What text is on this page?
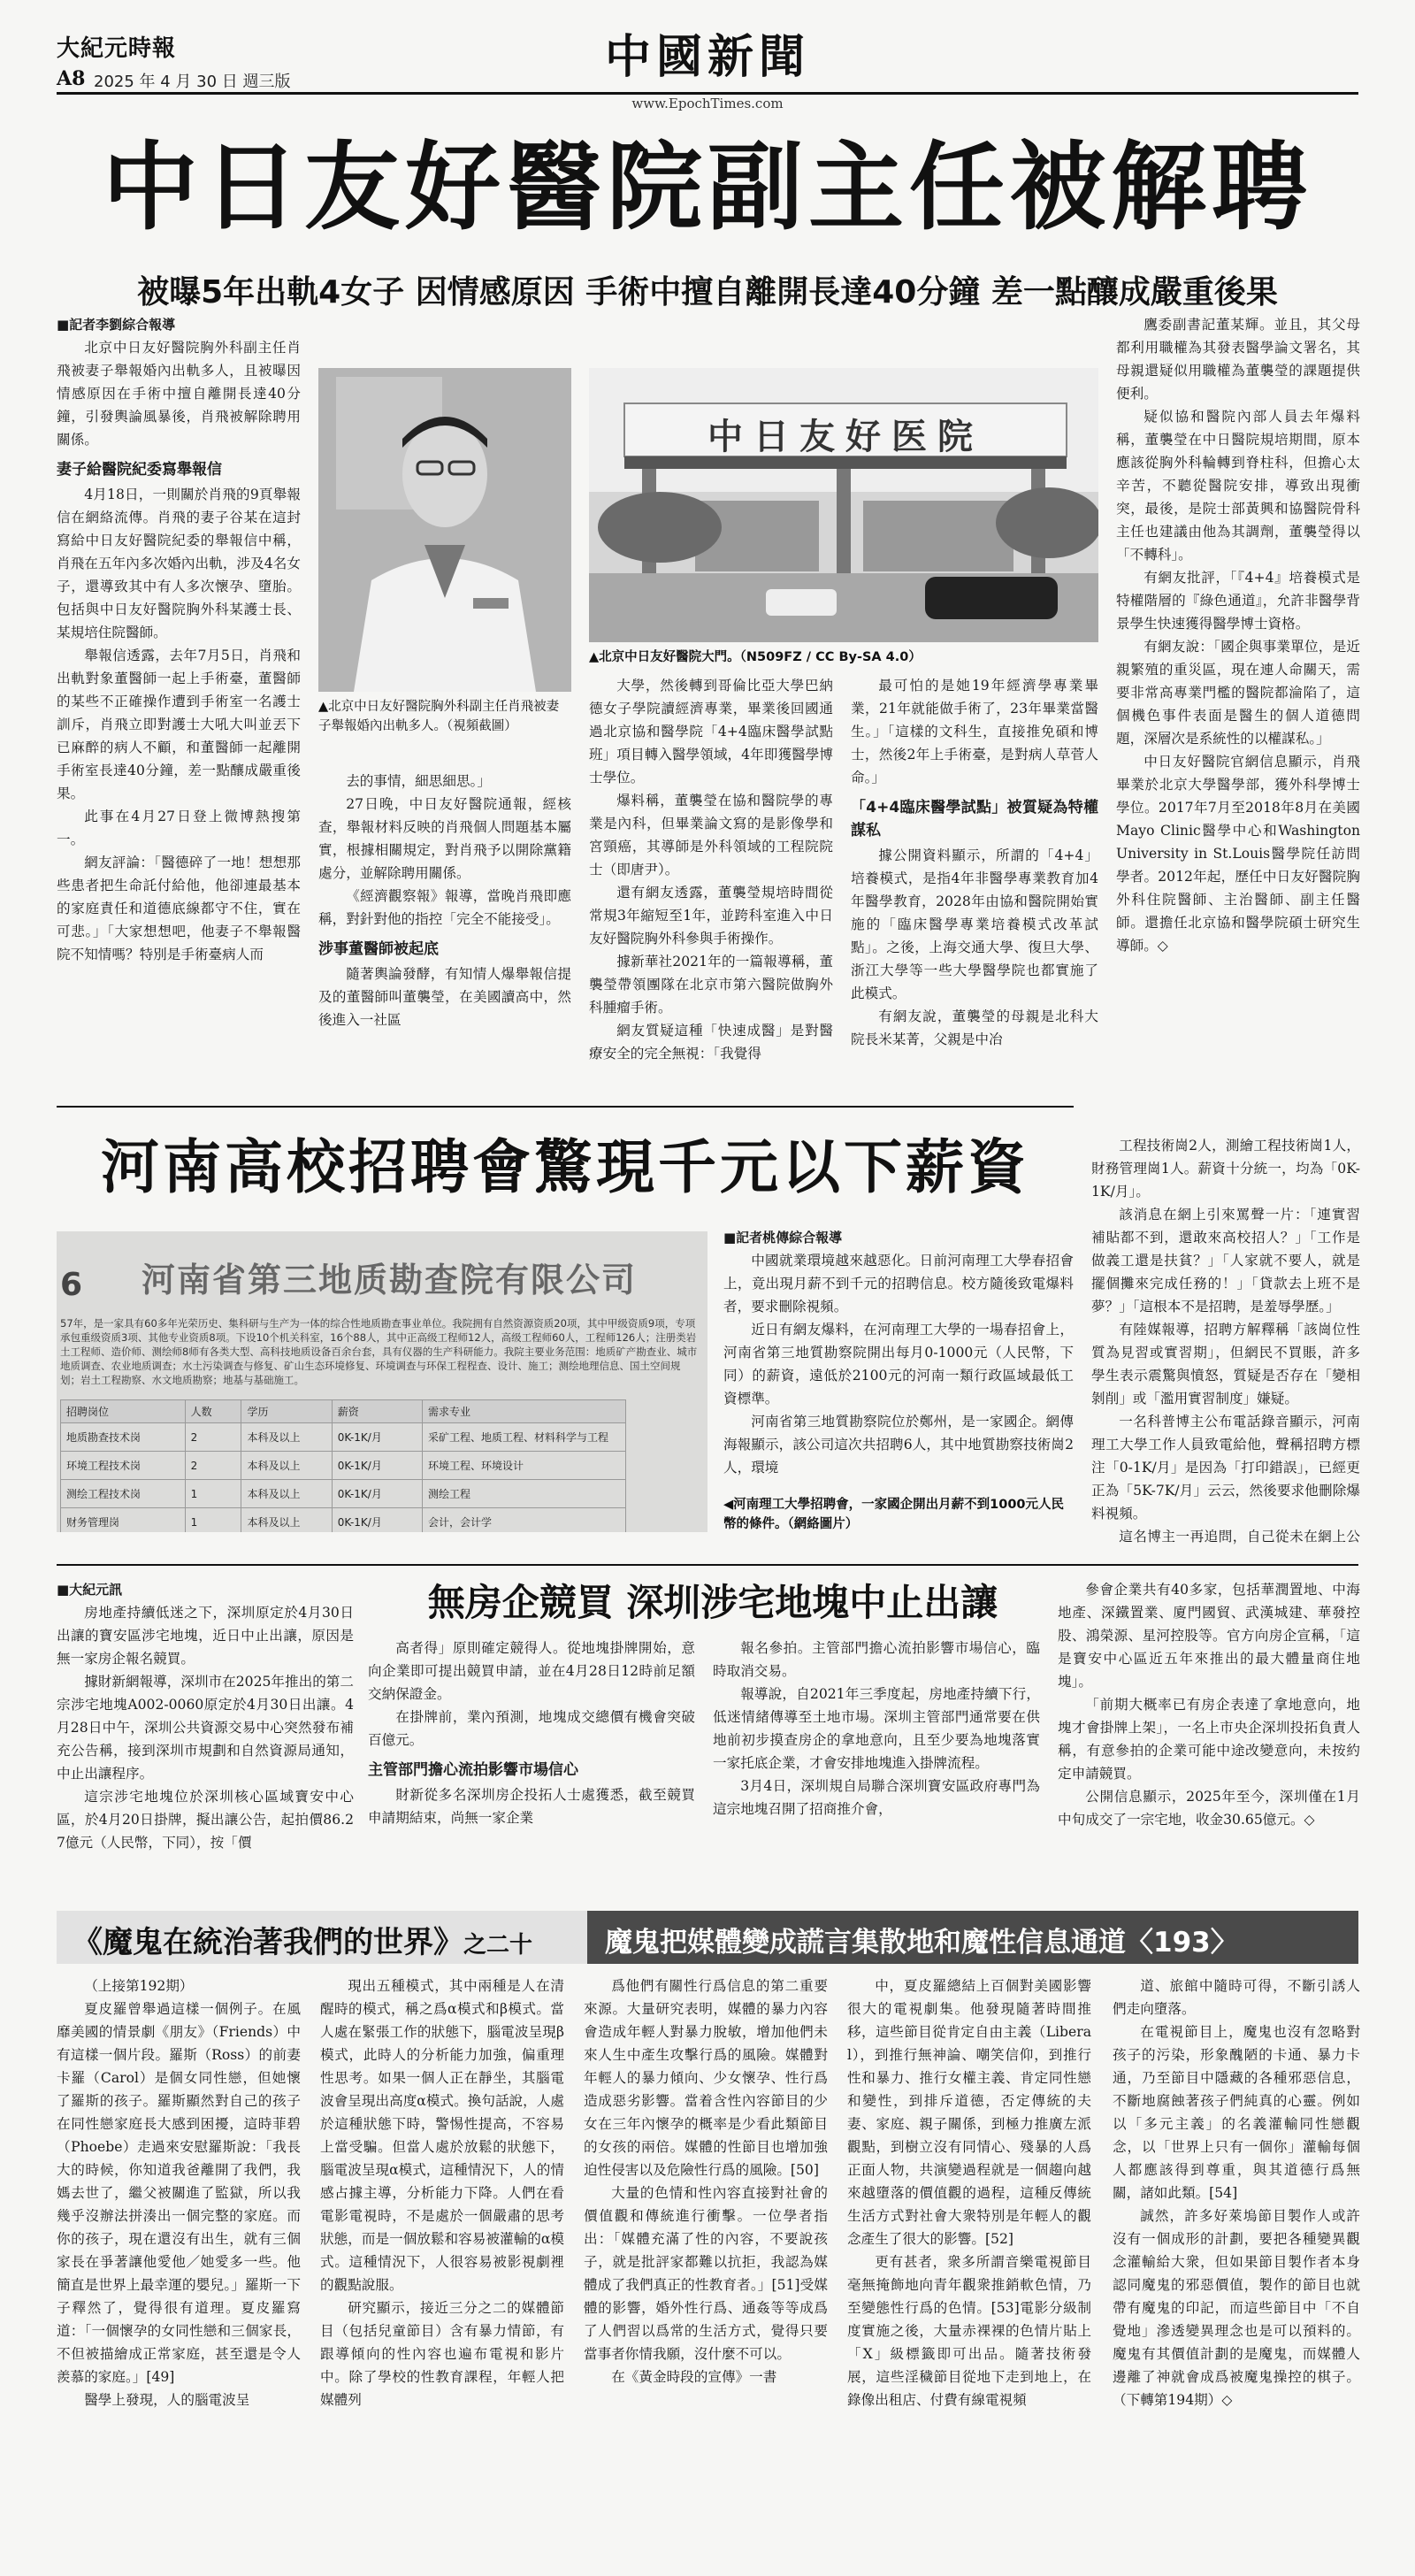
大紀元時報
A8 2025 年 4 月 30 日 週三版	中國新聞
www.EpochTimes.com
中日友好醫院副主任被解聘
被曝5年出軌4女子 因情感原因 手術中擅自離開長達40分鐘 差一點釀成嚴重後果
■記者李劉綜合報導

北京中日友好醫院胸外科副主任肖飛被妻子舉報婚內出軌多人，且被曝因情感原因在手術中擅自離開長達40分鐘，引發輿論風暴後，肖飛被解除聘用關係。

妻子給醫院紀委寫舉報信

4月18日，一則關於肖飛的9頁舉報信在網絡流傳。肖飛的妻子谷某在這封寫給中日友好醫院紀委的舉報信中稱，肖飛在五年內多次婚內出軌，涉及4名女子，還導致其中有人多次懷孕、墮胎。包括與中日友好醫院胸外科某護士長、某規培住院醫師。

舉報信透露，去年7月5日，肖飛和出軌對象董醫師一起上手術臺，董醫師的某些不正確操作遭到手術室一名護士訓斥，肖飛立即對護士大吼大叫並丟下已麻醉的病人不顧，和董醫師一起離開手術室長達40分鐘，差一點釀成嚴重後果。

此事在4月27日登上微博熱搜第一。

網友評論：「醫德碎了一地！想想那些患者把生命託付給他，他卻連最基本的家庭責任和道德底線都守不住，實在可悲。」「大家想想吧，他妻子不舉報醫院不知情嗎？特別是手術臺病人而

▲北京中日友好醫院胸外科副主任肖飛被妻子舉報婚內出軌多人。（視頻截圖）

去的事情，細思細思。」

27日晚，中日友好醫院通報，經核查，舉報材料反映的肖飛個人問題基本屬實，根據相關規定，對肖飛予以開除黨籍處分，並解除聘用關係。

《經濟觀察報》報導，當晚肖飛即應稱，對針對他的指控「完全不能接受」。

涉事董醫師被起底

隨著輿論發酵，有知情人爆舉報信提及的董醫師叫董襲瑩，在美國讀高中，然後進入一社區

中日友好医院
▲北京中日友好醫院大門。（N509FZ / CC By-SA 4.0）

大學，然後轉到哥倫比亞大學巴納德女子學院讀經濟專業，畢業後回國通過北京協和醫學院「4+4臨床醫學試點班」項目轉入醫學領域，4年即獲醫學博士學位。

爆料稱，董襲瑩在協和醫院學的專業是內科，但畢業論文寫的是影像學和宮頸癌，其導師是外科領域的工程院院士（即唐尹）。

還有網友透露，董襲瑩規培時間從常規3年縮短至1年，並跨科室進入中日友好醫院胸外科參與手術操作。

據新華社2021年的一篇報導稱，董襲瑩帶領團隊在北京市第六醫院做胸外科腫瘤手術。

網友質疑這種「快速成醫」是對醫療安全的完全無視：「我覺得

最可怕的是她19年經濟學專業畢業，21年就能做手術了，23年畢業當醫生。」「這樣的文科生，直接推免碩和博士，然後2年上手術臺，是對病人草菅人命。」

「4+4臨床醫學試點」被質疑為特權謀私

據公開資料顯示，所謂的「4+4」培養模式，是指4年非醫學專業教育加4年醫學教育，2028年由協和醫院開始實施的「臨床醫學專業培養模式改革試點」。之後，上海交通大學、復旦大學、浙江大學等一些大學醫學院也都實施了此模式。

有網友說，董襲瑩的母親是北科大院長米某菁，父親是中冶

鷹委副書記董某輝。並且，其父母都利用職權為其發表醫學論文署名，其母親還疑似用職權為董襲瑩的課題提供便利。

疑似協和醫院內部人員去年爆料稱，董襲瑩在中日醫院規培期間，原本應該從胸外科輪轉到脊柱科，但擔心太辛苦，不聽從醫院安排，導致出現衝突，最後，是院士部黃興和協醫院骨科主任也建議由他為其調劑，董襲瑩得以「不轉科」。

有網友批評，「『4+4』培養模式是特權階層的『綠色通道』，允許非醫學背景學生快速獲得醫學博士資格。

有網友說：「國企與事業單位，是近親繁殖的重災區，現在連人命關天，需要非常高專業門檻的醫院都淪陷了，這個機色事件表面是醫生的個人道德問題，深層次是系統性的以權謀私。」

中日友好醫院官網信息顯示，肖飛畢業於北京大學醫學部，獲外科學博士學位。2017年7月至2018年8月在美國Mayo Clinic醫學中心和Washington University in St.Louis醫學院任訪問學者。2012年起，歷任中日友好醫院胸外科住院醫師、主治醫師、副主任醫師。還擔任北京協和醫學院碩士研究生導師。◇

河南高校招聘會驚現千元以下薪資
6 河南省第三地质勘查院有限公司
57年，是一家具有60多年光荣历史、集科研与生产为一体的综合性地质勘查事业单位。我院拥有自然资源资质20项，其中甲级资质9项，专项承包重级资质3项、其他专业资质8项。下设10个机关科室，16个88人，其中正高级工程师12人，高级工程师60人，工程师126人；注册类岩土工程师、造价师、测绘师8师有各类大型、高科技地质设备百余台套，具有仪器的生产科研能力。我院主要业务范围：地质矿产勘查业、城市地质调查、农业地质调查；水土污染调查与修复、矿山生态环境修复、环境调查与环保工程程查、设计、施工；测绘地理信息、国土空间规划；岩土工程勘察、水文地质勘察；地基与基础施工。
招聘岗位	人数	学历	薪资	需求专业
地质勘查技术岗	2	本科及以上	0K-1K/月	采矿工程、地质工程、材料科学与工程
环境工程技术岗	2	本科及以上	0K-1K/月	环境工程、环境设计
测绘工程技术岗	1	本科及以上	0K-1K/月	测绘工程
财务管理岗	1	本科及以上	0K-1K/月	会计，会计学
■記者桃傳綜合報導

中國就業環境越來越惡化。日前河南理工大學春招會上，竟出現月薪不到千元的招聘信息。校方隨後致電爆料者，要求刪除視頻。

近日有網友爆料，在河南理工大學的一場春招會上，河南省第三地質勘察院開出每月0-1000元（人民幣，下同）的薪資，遠低於2100元的河南一類行政區域最低工資標準。

河南省第三地質勘察院位於鄭州，是一家國企。網傳海報顯示，該公司這次共招聘6人，其中地質勘察技術崗2人，環境

◀河南理工大學招聘會，一家國企開出月薪不到1000元人民幣的條件。（網絡圖片）

工程技術崗2人，測繪工程技術崗1人，財務管理崗1人。薪資十分統一，均為「0K-1K/月」。

該消息在網上引來罵聲一片：「連實習補貼都不到，還敢來高校招人？」「工作是做義工還是扶貧？」「人家就不要人，就是擺個攤來完成任務的！」「貸款去上班不是夢？」「這根本不是招聘，是羞辱學歷。」

有陸媒報導，招聘方解釋稱「該崗位性質為見習或實習期」，但網民不買賬，許多學生表示震驚與憤怒，質疑是否存在「變相剝削」或「濫用實習制度」嫌疑。

一名科普博主公布電話錄音顯示，河南理工大學工作人員致電給他，聲稱招聘方標注「0-1K/月」是因為「打印錯誤」，已經更正為「5K-7K/月」云云，然後要求他刪除爆料視頻。

這名博主一再追問，自己從未在網上公

無房企競買 深圳涉宅地塊中止出讓
■大紀元訊

房地產持續低迷之下，深圳原定於4月30日出讓的寶安區涉宅地塊，近日中止出讓，原因是無一家房企報名競買。

據財新網報導，深圳市在2025年推出的第二宗涉宅地塊A002-0060原定於4月30日出讓。4月28日中午，深圳公共資源交易中心突然發布補充公告稱，接到深圳市規劃和自然資源局通知，中止出讓程序。

這宗涉宅地塊位於深圳核心區域寶安中心區，於4月20日掛牌，擬出讓公告，起拍價86.27億元（人民幣，下同），按「價

高者得」原則確定競得人。從地塊掛牌開始，意向企業即可提出競買申請，並在4月28日12時前足額交納保證金。

在掛牌前，業內預測，地塊成交總價有機會突破百億元。

主管部門擔心流拍影響市場信心

財新從多名深圳房企投拓人士處獲悉，截至競買申請期結束，尚無一家企業

報名參拍。主管部門擔心流拍影響市場信心，臨時取消交易。

報導說，自2021年三季度起，房地產持續下行，低迷情緒傳導至土地市場。深圳主管部門通常要在供地前初步摸查房企的拿地意向，且至少要為地塊落實一家托底企業，才會安排地塊進入掛牌流程。

3月4日，深圳規自局聯合深圳寶安區政府專門為這宗地塊召開了招商推介會，

參會企業共有40多家，包括華潤置地、中海地產、深鐵置業、廈門國貿、武漢城建、華發控股、鴻榮源、星河控股等。官方向房企宣稱，「這是寶安中心區近五年來推出的最大體量商住地塊」。

「前期大概率已有房企表達了拿地意向，地塊才會掛牌上架」，一名上市央企深圳投拓負責人稱，有意參拍的企業可能中途改變意向，未按約定申請競買。

公開信息顯示，2025年至今，深圳僅在1月中旬成交了一宗宅地，收金30.65億元。◇

《魔鬼在統治著我們的世界》之二十	魔鬼把媒體變成謊言集散地和魔性信息通道〈193〉

（上接第192期）

夏皮羅曾舉過這樣一個例子。在風靡美國的情景劇《朋友》（Friends）中有這樣一個片段。羅斯（Ross）的前妻卡羅（Carol）是個女同性戀，但她懷了羅斯的孩子。羅斯顯然對自己的孩子在同性戀家庭長大感到困擾，這時菲碧（Phoebe）走過來安慰羅斯說：「我長大的時候，你知道我爸離開了我們，我媽去世了，繼父被關進了監獄，所以我幾乎沒辦法拼湊出一個完整的家庭。而你的孩子，現在還沒有出生，就有三個家長在爭著讓他愛他／她愛多一些。他簡直是世界上最幸運的嬰兒。」羅斯一下子釋然了，覺得很有道理。夏皮羅寫道：「一個懷孕的女同性戀和三個家長，不但被描繪成正常家庭，甚至還是令人羨慕的家庭。」[49]

醫學上發現，人的腦電波呈

現出五種模式，其中兩種是人在清醒時的模式，稱之爲α模式和β模式。當人處在緊張工作的狀態下，腦電波呈現β模式，此時人的分析能力加強，偏重理性思考。如果一個人正在靜坐，其腦電波會呈現出高度α模式。換句話說，人處於這種狀態下時，警惕性提高，不容易上當受騙。但當人處於放鬆的狀態下，腦電波呈現α模式，這種情況下，人的情感占據主導，分析能力下降。人們在看電影電視時，不是處於一個嚴肅的思考狀態，而是一個放鬆和容易被灌輸的α模式。這種情況下，人很容易被影視劇裡的觀點說服。

研究顯示，接近三分之二的媒體節目（包括兒童節目）含有暴力情節，有跟導傾向的性內容也遍布電視和影片中。除了學校的性教育課程，年輕人把媒體列

爲他們有關性行爲信息的第二重要來源。大量研究表明，媒體的暴力內容會造成年輕人對暴力脫敏，增加他們未來人生中產生攻擊行爲的風險。媒體對年輕人的暴力傾向、少女懷孕、性行爲造成惡劣影響。當着含性內容節目的少女在三年內懷孕的概率是少看此類節目的女孩的兩倍。媒體的性節目也增加強迫性侵害以及危險性行爲的風險。[50]

大量的色情和性內容直接對社會的價值觀和傳統進行衝擊。一位學者指出：「媒體充滿了性的內容，不要說孩子，就是批評家都難以抗拒，我認為媒體成了我們真正的性教育者。」[51]受媒體的影響，婚外性行爲、通姦等等成爲了人們習以爲常的生活方式，覺得只要當事者你情我願，沒什麼不可以。

在《黃金時段的宣傳》一書

中，夏皮羅總結上百個對美國影響很大的電視劇集。他發現隨著時間推移，這些節目從肯定自由主義（Liberal），到推行無神論、嘲笑信仰，到推行性和暴力、推行女權主義、肯定同性戀和變性，到排斥道德，否定傳統的夫妻、家庭、親子關係，到極力推廣左派觀點，到樹立沒有同情心、殘暴的人爲正面人物，共演變過程就是一個趨向越來越墮落的價值觀的過程，這種反傳統生活方式對社會大衆特別是年輕人的觀念產生了很大的影響。[52]

更有甚者，衆多所謂音樂電視節目毫無掩飾地向青年觀衆推銷軟色情，乃至變態性行爲的色情。[53]電影分級制度實施之後，大量赤裸裸的色情片貼上「X」級標籤即可出品。隨著技術發展，這些淫穢節目從地下走到地上，在錄像出租店、付費有線電視頻

道、旅館中隨時可得，不斷引誘人們走向墮落。

在電視節目上，魔鬼也沒有忽略對孩子的污染，形象醜陋的卡通、暴力卡通，乃至節目中隱藏的各種邪惡信息，不斷地腐蝕著孩子們純真的心靈。例如以「多元主義」的名義灌輸同性戀觀念，以「世界上只有一個你」灌輸每個人都應該得到尊重，與其道德行爲無關，諸如此類。[54]

誠然，許多好萊塢節目製作人或許沒有一個成形的計劃，要把各種變異觀念灌輸給大衆，但如果節目製作者本身認同魔鬼的邪惡價值，製作的節目也就帶有魔鬼的印記，而這些節目中「不自覺地」滲透變異理念也是可以預料的。魔鬼有其價值計劃的是魔鬼，而媒體人邊離了神就會成爲被魔鬼操控的棋子。（下轉第194期）◇
